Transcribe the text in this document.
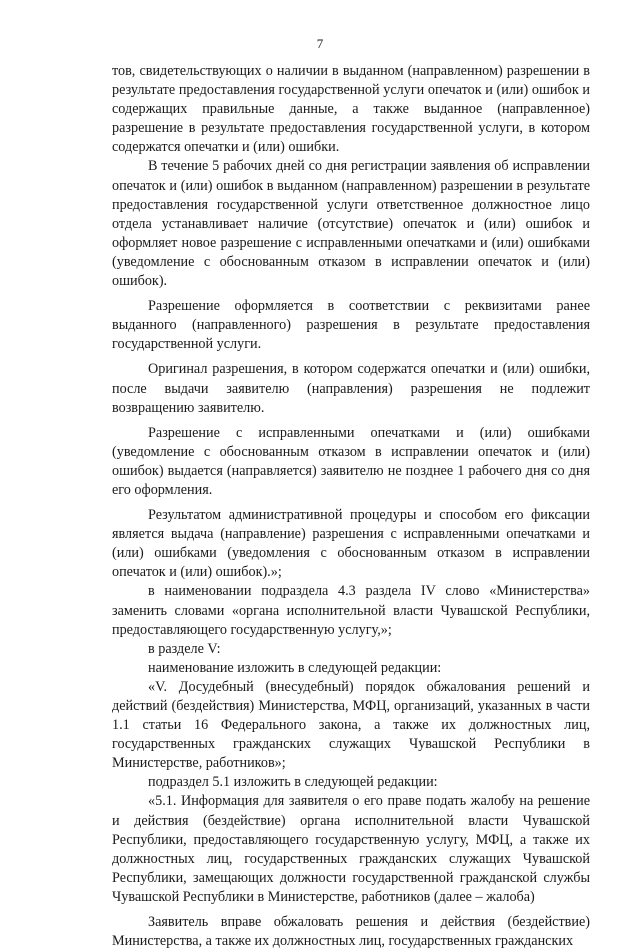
7

тов, свидетельствующих о наличии в выданном (направленном) разрешении в результате предоставления государственной услуги опечаток и (или) ошибок и содержащих правильные данные, а также выданное (направленное) разрешение в результате предоставления государственной услуги, в котором содержатся опечатки и (или) ошибки.

В течение 5 рабочих дней со дня регистрации заявления об исправлении опечаток и (или) ошибок в выданном (направленном) разрешении в результате предоставления государственной услуги ответственное должностное лицо отдела устанавливает наличие (отсутствие) опечаток и (или) ошибок и оформляет новое разрешение с исправленными опечатками и (или) ошибками (уведомление с обоснованным отказом в исправлении опечаток и (или) ошибок).

Разрешение оформляется в соответствии с реквизитами ранее выданного (направленного) разрешения в результате предоставления государственной услуги.

Оригинал разрешения, в котором содержатся опечатки и (или) ошибки, после выдачи заявителю (направления) разрешения не подлежит возвращению заявителю.

Разрешение с исправленными опечатками и (или) ошибками (уведомление с обоснованным отказом в исправлении опечаток и (или) ошибок) выдается (направляется) заявителю не позднее 1 рабочего дня со дня его оформления.

Результатом административной процедуры и способом его фиксации является выдача (направление) разрешения с исправленными опечатками и (или) ошибками (уведомления с обоснованным отказом в исправлении опечаток и (или) ошибок).»;

в наименовании подраздела 4.3 раздела IV слово «Министерства» заменить словами «органа исполнительной власти Чувашской Республики, предоставляющего государственную услугу,»;

в разделе V:

наименование изложить в следующей редакции:

«V. Досудебный (внесудебный) порядок обжалования решений и действий (бездействия) Министерства, МФЦ, организаций, указанных в части 1.1 статьи 16 Федерального закона, а также их должностных лиц, государственных гражданских служащих Чувашской Республики в Министерстве, работников»;

подраздел 5.1 изложить в следующей редакции:

«5.1. Информация для заявителя о его праве подать жалобу на решение и действия (бездействие) органа исполнительной власти Чувашской Республики, предоставляющего государственную услугу, МФЦ, а также их должностных лиц, государственных гражданских служащих Чувашской Республики, замещающих должности государственной гражданской службы Чувашской Республики в Министерстве, работников (далее – жалоба)

Заявитель вправе обжаловать решения и действия (бездействие) Министерства, а также их должностных лиц, государственных гражданских
